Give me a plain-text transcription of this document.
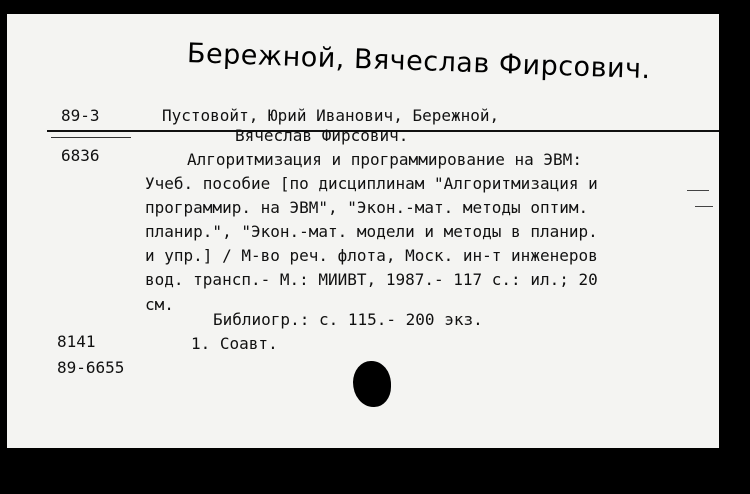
Бережной, Вячеслав Фирсович.
89-3	Пустовойт, Юрий Иванович, Бережной,
Вячеслав Фирсович.
6836	Алгоритмизация и программирование на ЭВМ:
Учеб. пособие [по дисциплинам "Алгоритмизация и
программир. на ЭВМ", "Экон.-мат. методы оптим.
планир.", "Экон.-мат. модели и методы в планир.
и упр.] / М-во реч. флота, Моск. ин-т инженеров
вод. трансп.- М.: МИИВТ, 1987.- 117 с.: ил.; 20
см.
Библиогр.: с. 115.- 200 экз.
8141	1. Соавт.
89-6655
